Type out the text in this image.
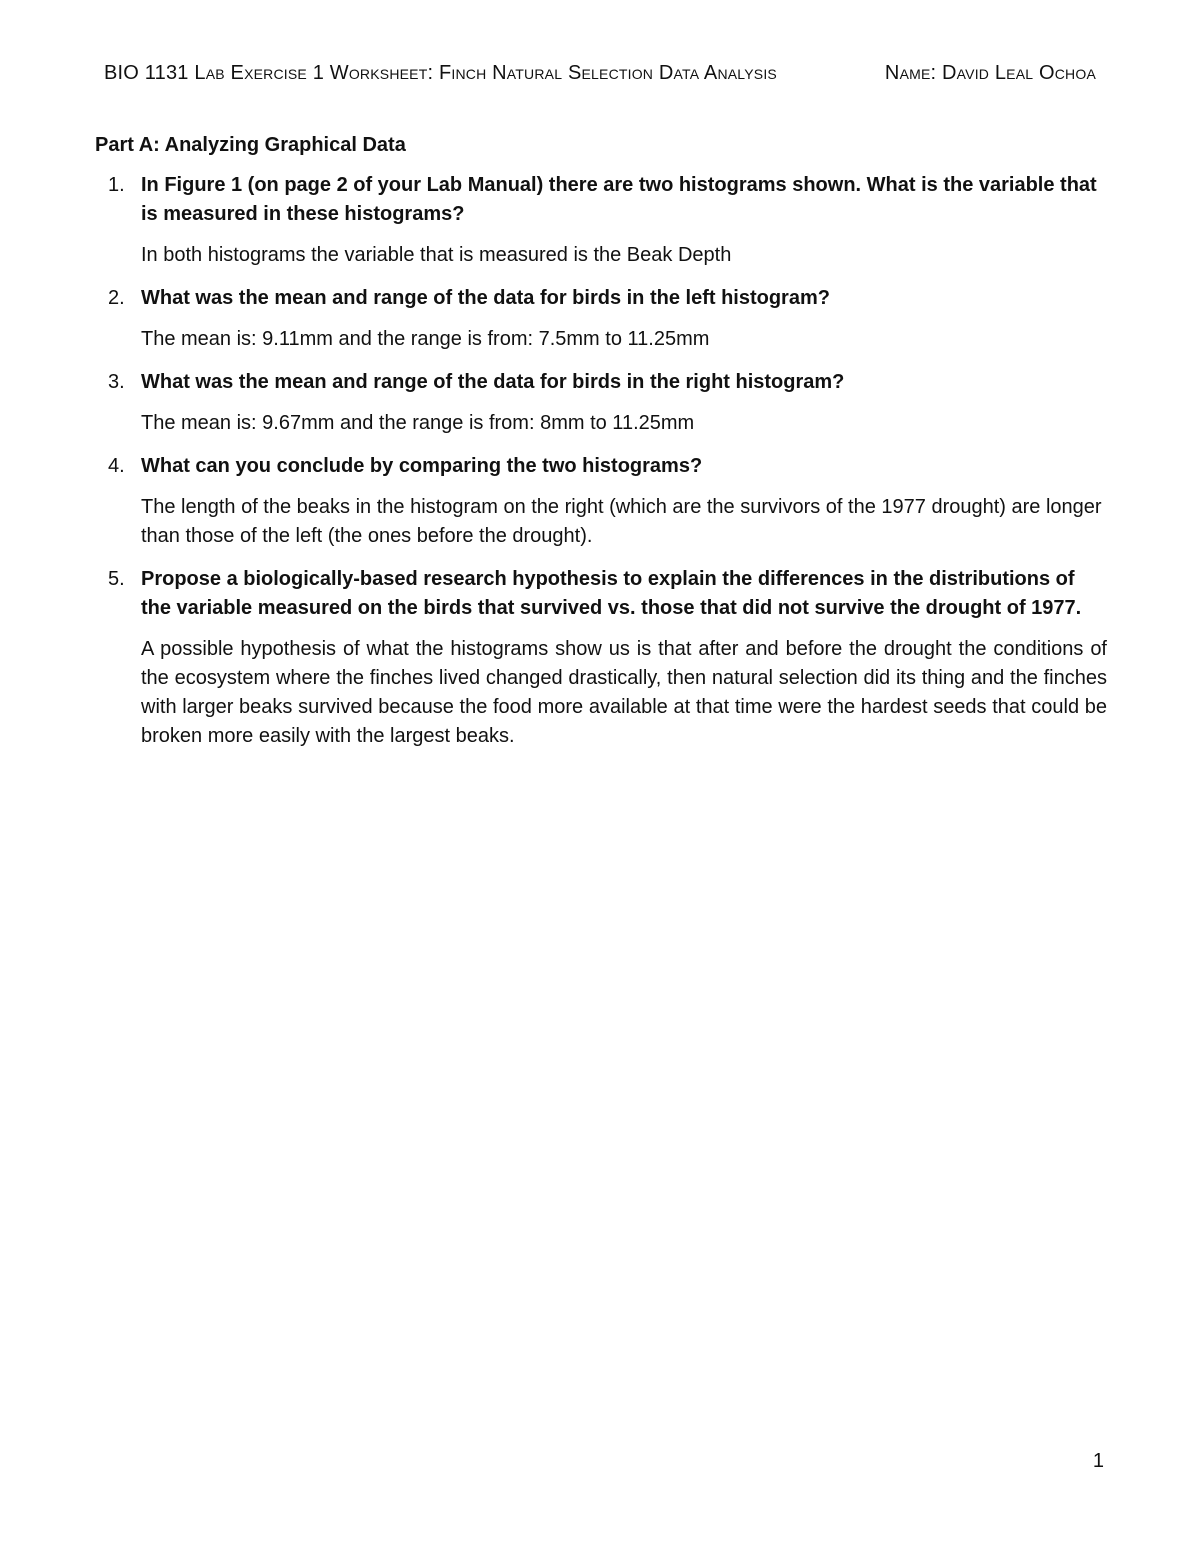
BIO 1131 Lab Exercise 1 Worksheet: Finch Natural Selection Data Analysis	Name: David Leal Ochoa
Part A: Analyzing Graphical Data
1. In Figure 1 (on page 2 of your Lab Manual) there are two histograms shown. What is the variable that is measured in these histograms?
In both histograms the variable that is measured is the Beak Depth
2. What was the mean and range of the data for birds in the left histogram?
The mean is: 9.11mm and the range is from: 7.5mm to 11.25mm
3. What was the mean and range of the data for birds in the right histogram?
The mean is: 9.67mm and the range is from: 8mm to 11.25mm
4. What can you conclude by comparing the two histograms?
The length of the beaks in the histogram on the right (which are the survivors of the 1977 drought) are longer than those of the left (the ones before the drought).
5. Propose a biologically-based research hypothesis to explain the differences in the distributions of the variable measured on the birds that survived vs. those that did not survive the drought of 1977.
A possible hypothesis of what the histograms show us is that after and before the drought the conditions of the ecosystem where the finches lived changed drastically, then natural selection did its thing and the finches with larger beaks survived because the food more available at that time were the hardest seeds that could be broken more easily with the largest beaks.
1
